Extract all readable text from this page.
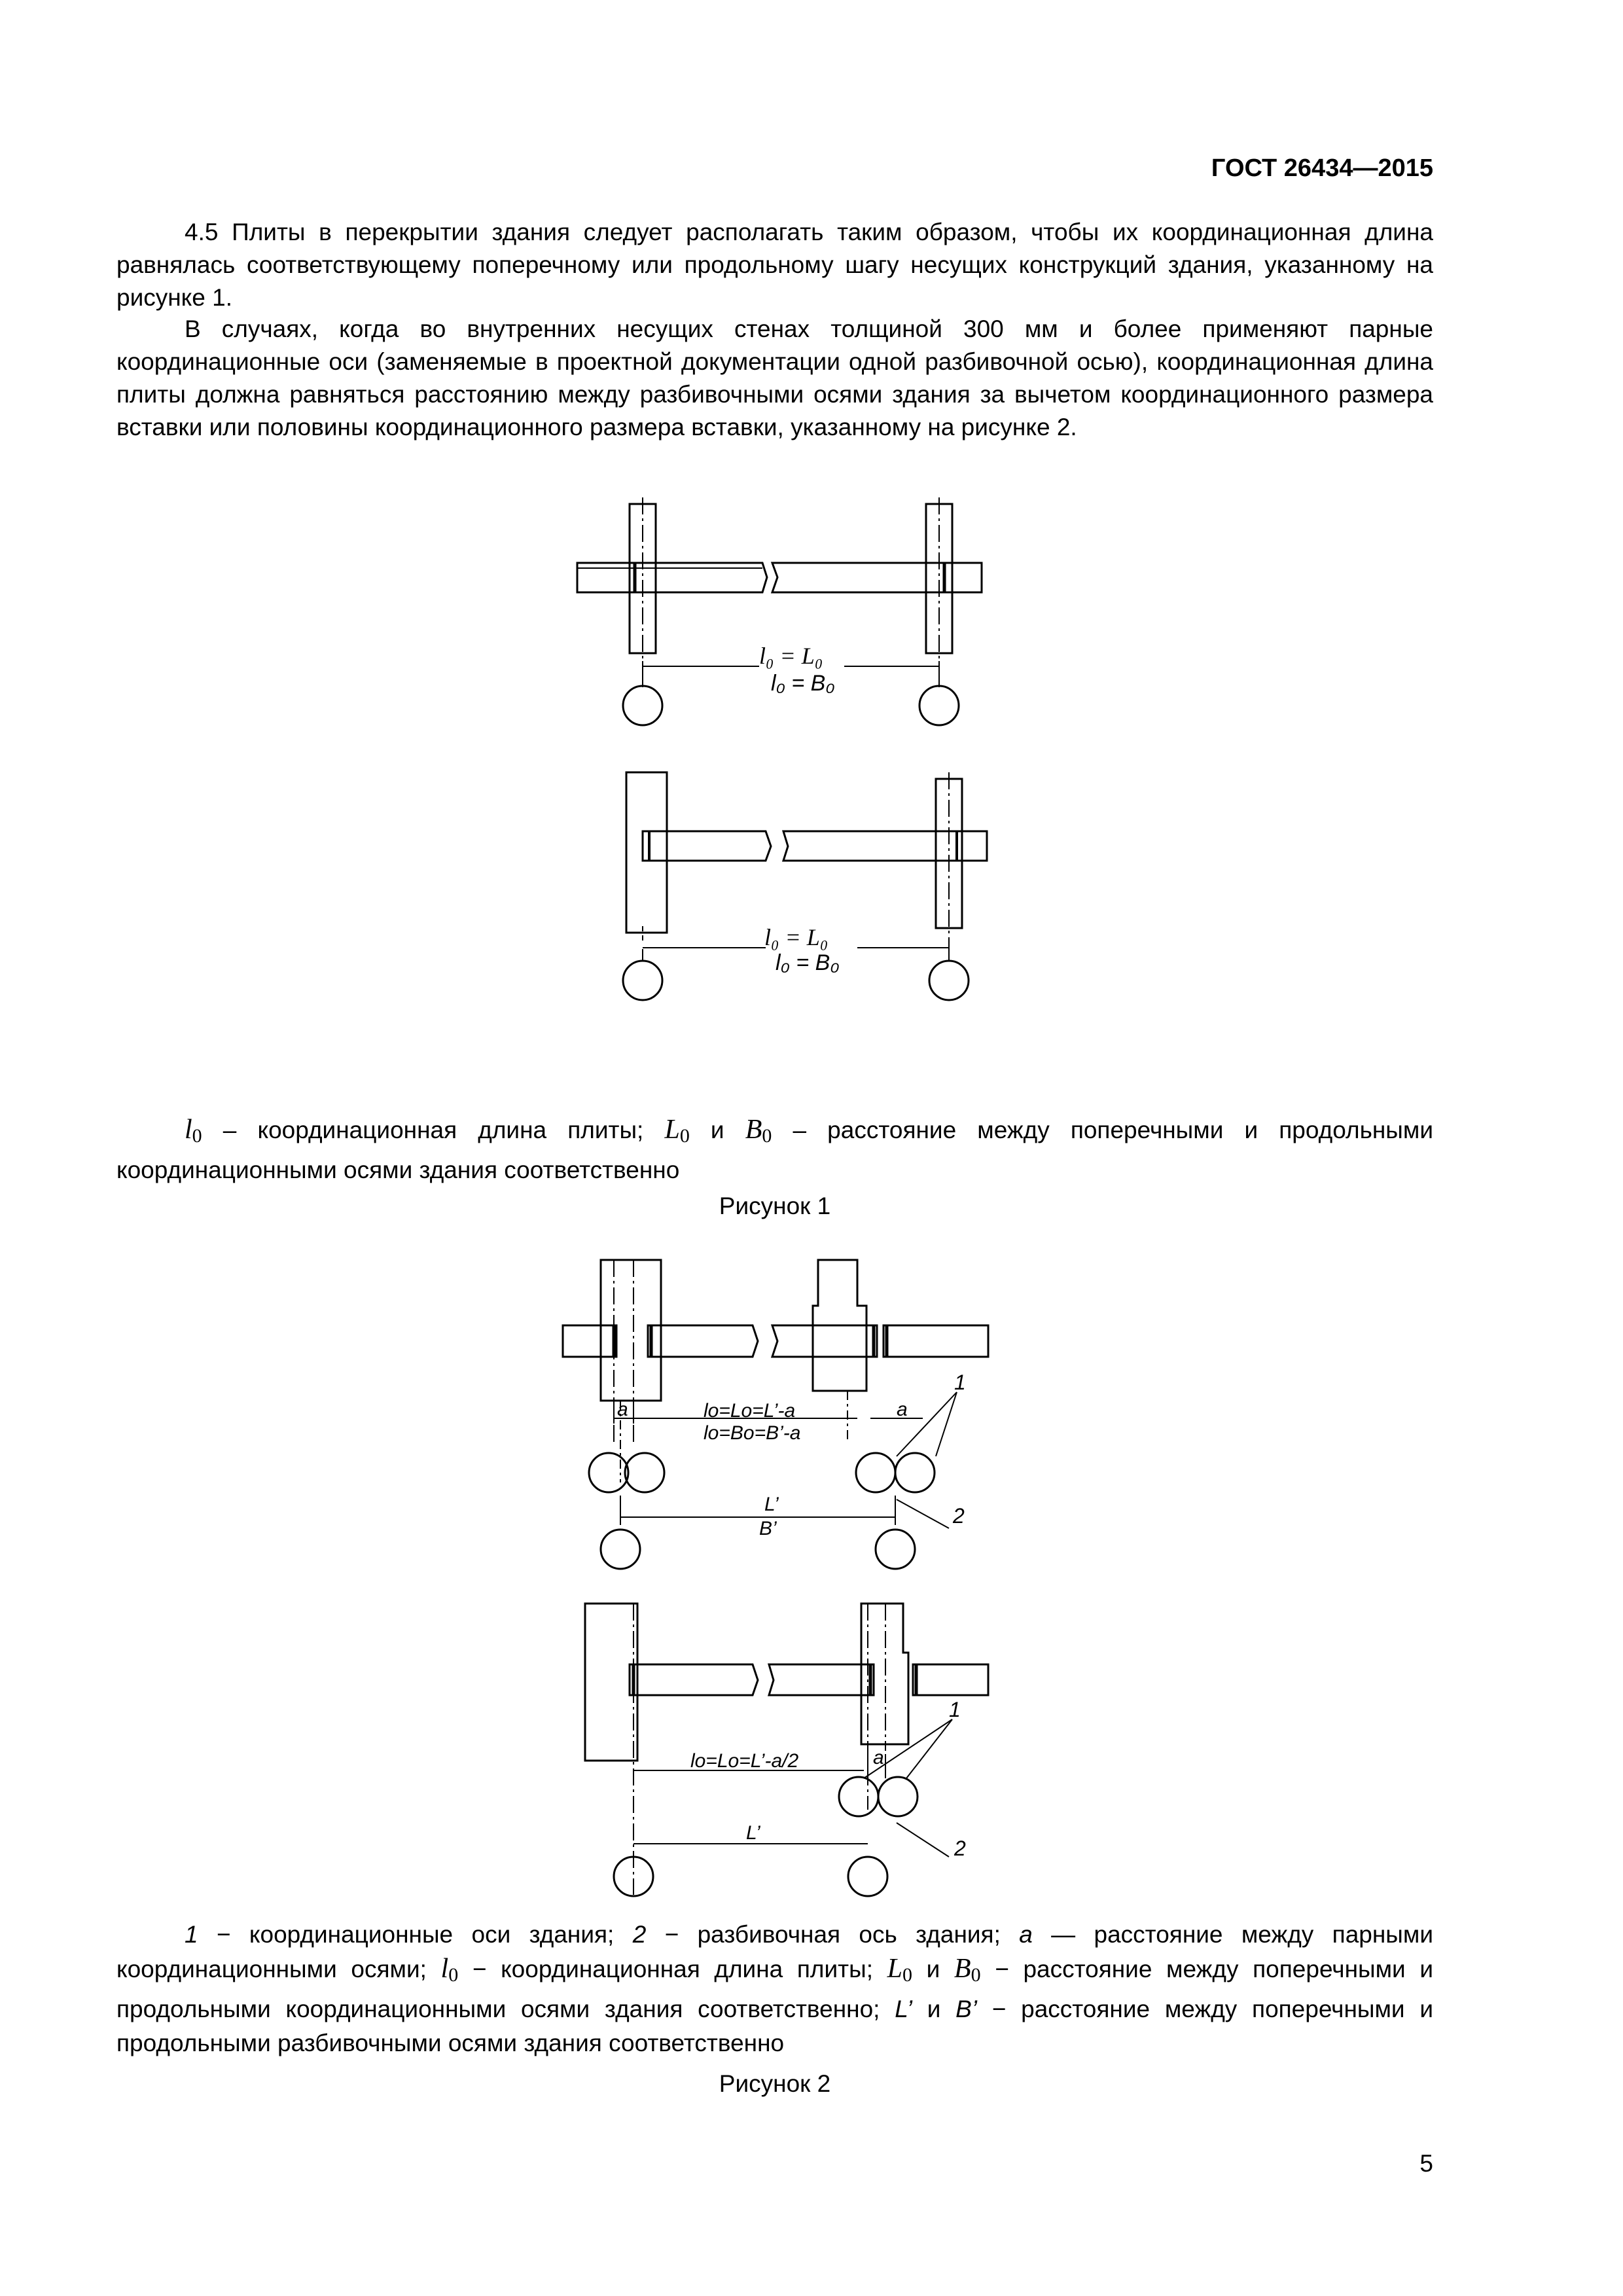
ГОСТ 26434—2015
4.5 Плиты в перекрытии здания следует располагать таким образом, чтобы их координационная длина равнялась соответствующему поперечному или продольному шагу несущих конструкций здания, указанному на рисунке 1.
В случаях, когда во внутренних несущих стенах толщиной 300 мм и более применяют парные координационные оси (заменяемые в проектной документации одной разбивочной осью), координационная длина плиты должна равняться расстоянию между разбивочными осями здания за вычетом координационного размера вставки или половины координационного размера вставки, указанному на рисунке 2.
l₀ = L₀
l₀ = B₀
l₀ = L₀
l₀ = B₀
$l_0$ – координационная длина плиты; $L_0$ и $B_0$ – расстояние между поперечными и продольными координационными осями здания соответственно
Рисунок 1
a	a
lо=Lо=L’-a
lо=Bо=B’-a
L’
B’
1
2
lо=Lо=L’-a/2	a
L’
1
2
1 − координационные оси здания; 2 − разбивочная ось здания; a — расстояние между парными координационными осями; $l_0$ − координационная длина плиты; $L_0$ и $B_0$ − расстояние между поперечными и продольными координационными осями здания соответственно; L’ и B’ − расстояние между поперечными и продольными разбивочными осями здания соответственно
Рисунок 2
5
